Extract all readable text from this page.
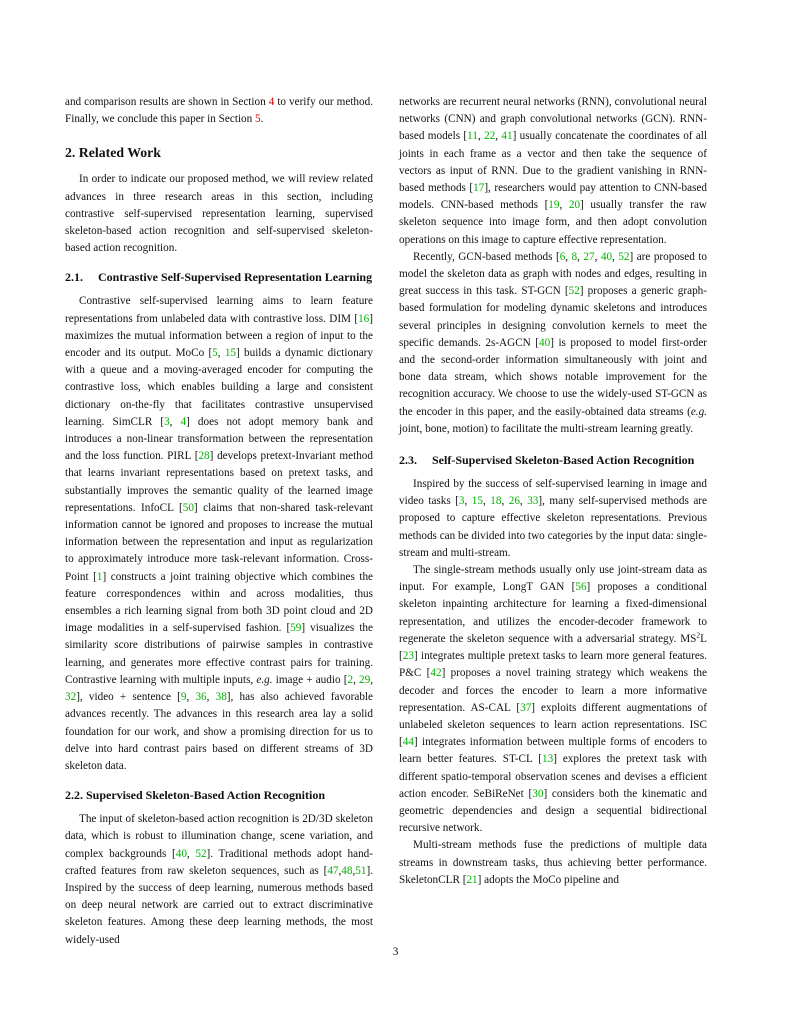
and comparison results are shown in Section 4 to verify our method. Finally, we conclude this paper in Section 5.

2. Related Work

In order to indicate our proposed method, we will review related advances in three research areas in this section, including contrastive self-supervised representation learning, supervised skeleton-based action recognition and self-supervised skeleton-based action recognition.

2.1. Contrastive Self-Supervised Representation Learning

Contrastive self-supervised learning aims to learn feature representations from unlabeled data with contrastive loss. DIM [16] maximizes the mutual information between a region of input to the encoder and its output. MoCo [5, 15] builds a dynamic dictionary with a queue and a moving-averaged encoder for computing the contrastive loss, which enables building a large and consistent dictionary on-the-fly that facilitates contrastive unsupervised learning. SimCLR [3, 4] does not adopt memory bank and introduces a non-linear transformation between the representation and the loss function. PIRL [28] develops pretext-Invariant method that learns invariant representations based on pretext tasks, and substantially improves the semantic quality of the learned image representations. InfoCL [50] claims that non-shared task-relevant information cannot be ignored and proposes to increase the mutual information between the representation and input as regularization to approximately introduce more task-relevant information. Cross-Point [1] constructs a joint training objective which combines the feature correspondences within and across modalities, thus ensembles a rich learning signal from both 3D point cloud and 2D image modalities in a self-supervised fashion. [59] visualizes the similarity score distributions of pairwise samples in contrastive learning, and generates more effective contrast pairs for training. Contrastive learning with multiple inputs, e.g. image + audio [2, 29, 32], video + sentence [9, 36, 38], has also achieved favorable advances recently. The advances in this research area lay a solid foundation for our work, and show a promising direction for us to delve into hard contrast pairs based on different streams of 3D skeleton data.

2.2. Supervised Skeleton-Based Action Recognition

The input of skeleton-based action recognition is 2D/3D skeleton data, which is robust to illumination change, scene variation, and complex backgrounds [40, 52]. Traditional methods adopt hand-crafted features from raw skeleton sequences, such as [47,48,51]. Inspired by the success of deep learning, numerous methods based on deep neural network are carried out to extract discriminative skeleton features. Among these deep learning methods, the most widely-used

networks are recurrent neural networks (RNN), convolutional neural networks (CNN) and graph convolutional networks (GCN). RNN-based models [11, 22, 41] usually concatenate the coordinates of all joints in each frame as a vector and then take the sequence of vectors as input of RNN. Due to the gradient vanishing in RNN-based methods [17], researchers would pay attention to CNN-based models. CNN-based methods [19, 20] usually transfer the raw skeleton sequence into image form, and then adopt convolution operations on this image to capture effective representation.

Recently, GCN-based methods [6, 8, 27, 40, 52] are proposed to model the skeleton data as graph with nodes and edges, resulting in great success in this task. ST-GCN [52] proposes a generic graph-based formulation for modeling dynamic skeletons and introduces several principles in designing convolution kernels to meet the specific demands. 2s-AGCN [40] is proposed to model first-order and the second-order information simultaneously with joint and bone data stream, which shows notable improvement for the recognition accuracy. We choose to use the widely-used ST-GCN as the encoder in this paper, and the easily-obtained data streams (e.g. joint, bone, motion) to facilitate the multi-stream learning greatly.

2.3. Self-Supervised Skeleton-Based Action Recognition

Inspired by the success of self-supervised learning in image and video tasks [3, 15, 18, 26, 33], many self-supervised methods are proposed to capture effective skeleton representations. Previous methods can be divided into two categories by the input data: single-stream and multi-stream.

The single-stream methods usually only use joint-stream data as input. For example, LongT GAN [56] proposes a conditional skeleton inpainting architecture for learning a fixed-dimensional representation, and utilizes the encoder-decoder framework to regenerate the skeleton sequence with a adversarial strategy. $MS^2L$ [23] integrates multiple pretext tasks to learn more general features. P&C [42] proposes a novel training strategy which weakens the decoder and forces the encoder to learn a more informative representation. AS-CAL [37] exploits different augmentations of unlabeled skeleton sequences to learn action representations. ISC [44] integrates information between multiple forms of encoders to learn better features. ST-CL [13] explores the pretext task with different spatio-temporal observation scenes and devises a efficient action encoder. SeBiReNet [30] considers both the kinematic and geometric dependencies and design a sequential bidirectional recursive network.

Multi-stream methods fuse the predictions of multiple data streams in downstream tasks, thus achieving better performance. SkeletonCLR [21] adopts the MoCo pipeline and

3
